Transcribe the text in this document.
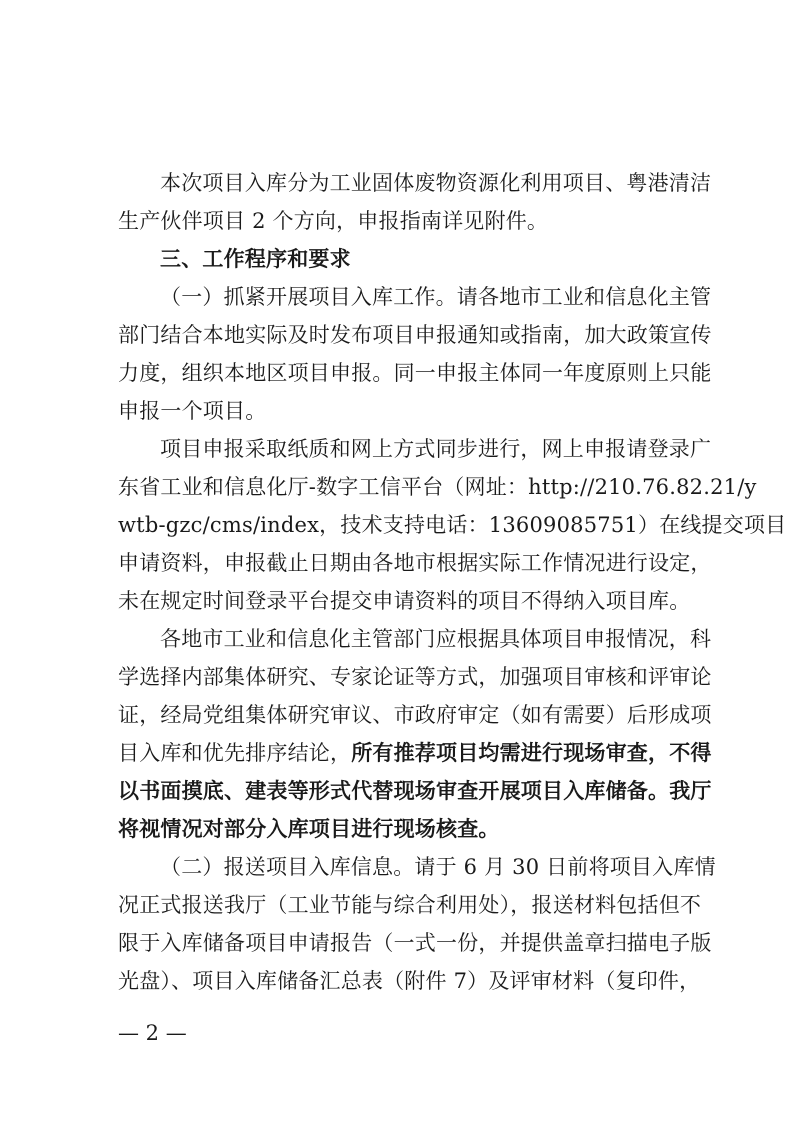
本次项目入库分为工业固体废物资源化利用项目、粤港清洁
生产伙伴项目 2 个方向，申报指南详见附件。
三、工作程序和要求
（一）抓紧开展项目入库工作。请各地市工业和信息化主管
部门结合本地实际及时发布项目申报通知或指南，加大政策宣传
力度，组织本地区项目申报。同一申报主体同一年度原则上只能
申报一个项目。
项目申报采取纸质和网上方式同步进行，网上申报请登录广
东省工业和信息化厅-数字工信平台（网址：http://210.76.82.21/y
wtb-gzc/cms/index，技术支持电话：13609085751）在线提交项目
申请资料，申报截止日期由各地市根据实际工作情况进行设定，
未在规定时间登录平台提交申请资料的项目不得纳入项目库。
各地市工业和信息化主管部门应根据具体项目申报情况，科
学选择内部集体研究、专家论证等方式，加强项目审核和评审论
证，经局党组集体研究审议、市政府审定（如有需要）后形成项
目入库和优先排序结论，所有推荐项目均需进行现场审查，不得
以书面摸底、建表等形式代替现场审查开展项目入库储备。我厅
将视情况对部分入库项目进行现场核查。
（二）报送项目入库信息。请于 6 月 30 日前将项目入库情
况正式报送我厅（工业节能与综合利用处），报送材料包括但不
限于入库储备项目申请报告（一式一份，并提供盖章扫描电子版
光盘）、项目入库储备汇总表（附件 7）及评审材料（复印件，
— 2 —
